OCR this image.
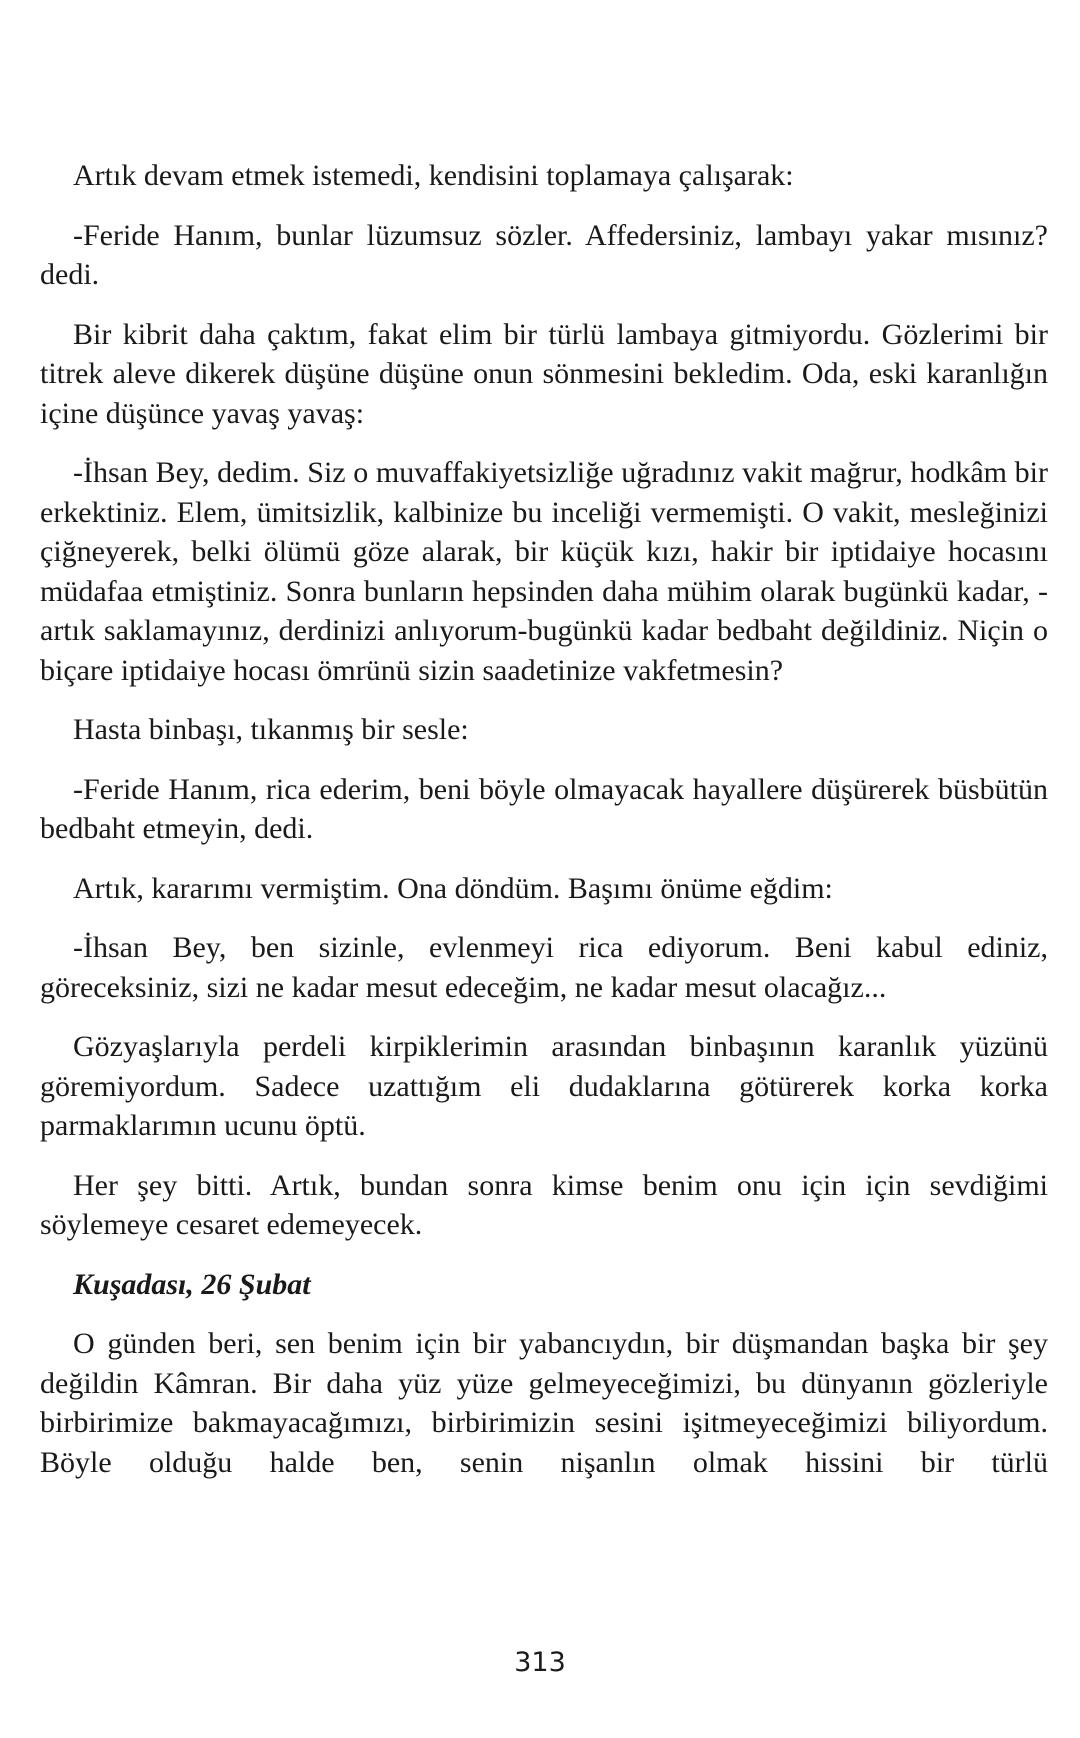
Artık devam etmek istemedi, kendisini toplamaya çalışarak:

-Feride Hanım, bunlar lüzumsuz sözler. Affedersiniz, lambayı yakar mısınız? dedi.

Bir kibrit daha çaktım, fakat elim bir türlü lambaya gitmiyordu. Gözlerimi bir titrek aleve dikerek düşüne düşüne onun sönmesini bekledim. Oda, eski karanlığın içine düşünce yavaş yavaş:

-İhsan Bey, dedim. Siz o muvaffakiyetsizliğe uğradınız vakit mağrur, hodkâm bir erkektiniz. Elem, ümitsizlik, kalbinize bu inceliği vermemişti. O vakit, mesleğinizi çiğneyerek, belki ölümü göze alarak, bir küçük kızı, hakir bir iptidaiye hocasını müdafaa etmiştiniz. Sonra bunların hepsinden daha mühim olarak bugünkü kadar, -artık saklamayınız, derdinizi anlıyorum-bugünkü kadar bedbaht değildiniz. Niçin o biçare iptidaiye hocası ömrünü sizin saadetinize vakfetmesin?

Hasta binbaşı, tıkanmış bir sesle:

-Feride Hanım, rica ederim, beni böyle olmayacak hayallere düşürerek büsbütün bedbaht etmeyin, dedi.

Artık, kararımı vermiştim. Ona döndüm. Başımı önüme eğdim:

-İhsan Bey, ben sizinle, evlenmeyi rica ediyorum. Beni kabul ediniz, göreceksiniz, sizi ne kadar mesut edeceğim, ne kadar mesut olacağız...

Gözyaşlarıyla perdeli kirpiklerimin arasından binbaşının karanlık yüzünü göremiyordum. Sadece uzattığım eli dudaklarına götürerek korka korka parmaklarımın ucunu öptü.

Her şey bitti. Artık, bundan sonra kimse benim onu için için sevdiğimi söylemeye cesaret edemeyecek.

Kuşadası, 26 Şubat

O günden beri, sen benim için bir yabancıydın, bir düşmandan başka bir şey değildin Kâmran. Bir daha yüz yüze gelmeyeceğimizi, bu dünyanın gözleriyle birbirimize bakmayacağımızı, birbirimizin sesini işitmeyeceğimizi biliyordum. Böyle olduğu halde ben, senin nişanlın olmak hissini bir türlü

313
